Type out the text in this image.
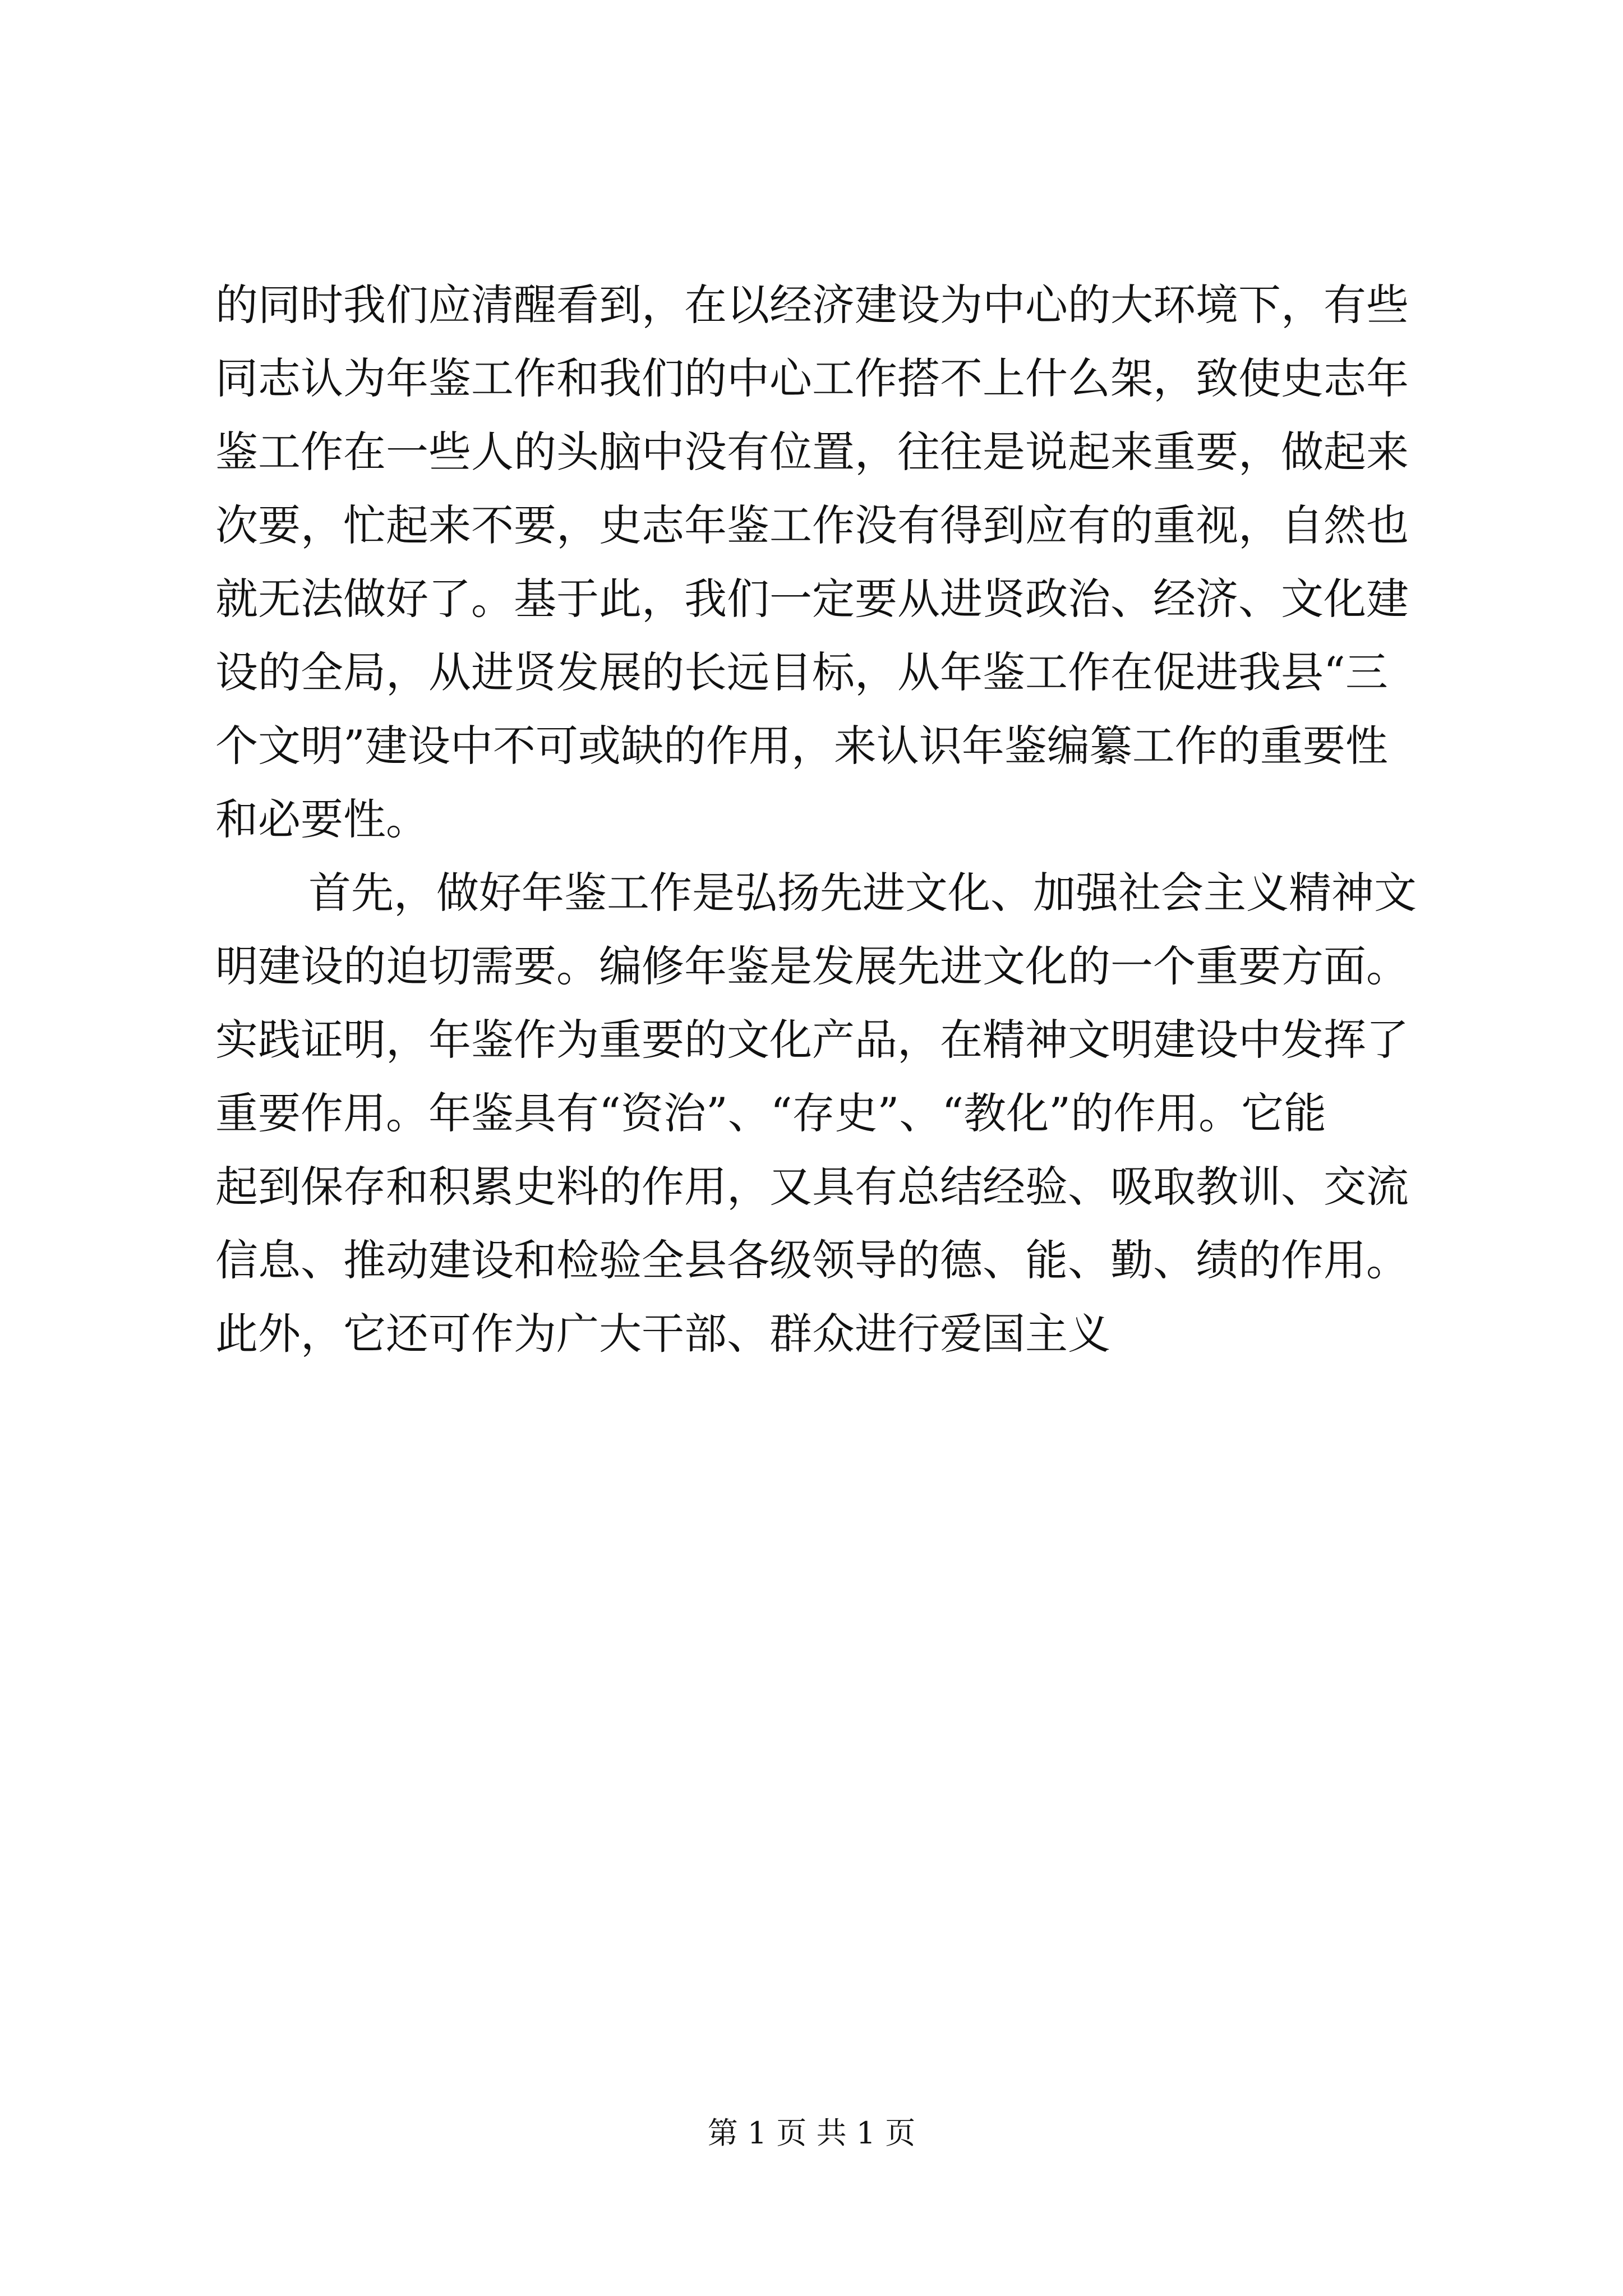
的同时我们应清醒看到，在以经济建设为中心的大环境下，有些
同志认为年鉴工作和我们的中心工作搭不上什么架，致使史志年
鉴工作在一些人的头脑中没有位置，往往是说起来重要，做起来
次要，忙起来不要，史志年鉴工作没有得到应有的重视，自然也
就无法做好了。基于此，我们一定要从进贤政治、经济、文化建
设的全局，从进贤发展的长远目标，从年鉴工作在促进我县“三
个文明”建设中不可或缺的作用，来认识年鉴编纂工作的重要性
和必要性。
首先，做好年鉴工作是弘扬先进文化、加强社会主义精神文
明建设的迫切需要。编修年鉴是发展先进文化的一个重要方面。
实践证明，年鉴作为重要的文化产品，在精神文明建设中发挥了
重要作用。年鉴具有“资治”、“存史”、“教化”的作用。它能
起到保存和积累史料的作用，又具有总结经验、吸取教训、交流
信息、推动建设和检验全县各级领导的德、能、勤、绩的作用。
此外，它还可作为广大干部、群众进行爱国主义
第 1 页 共 1 页
